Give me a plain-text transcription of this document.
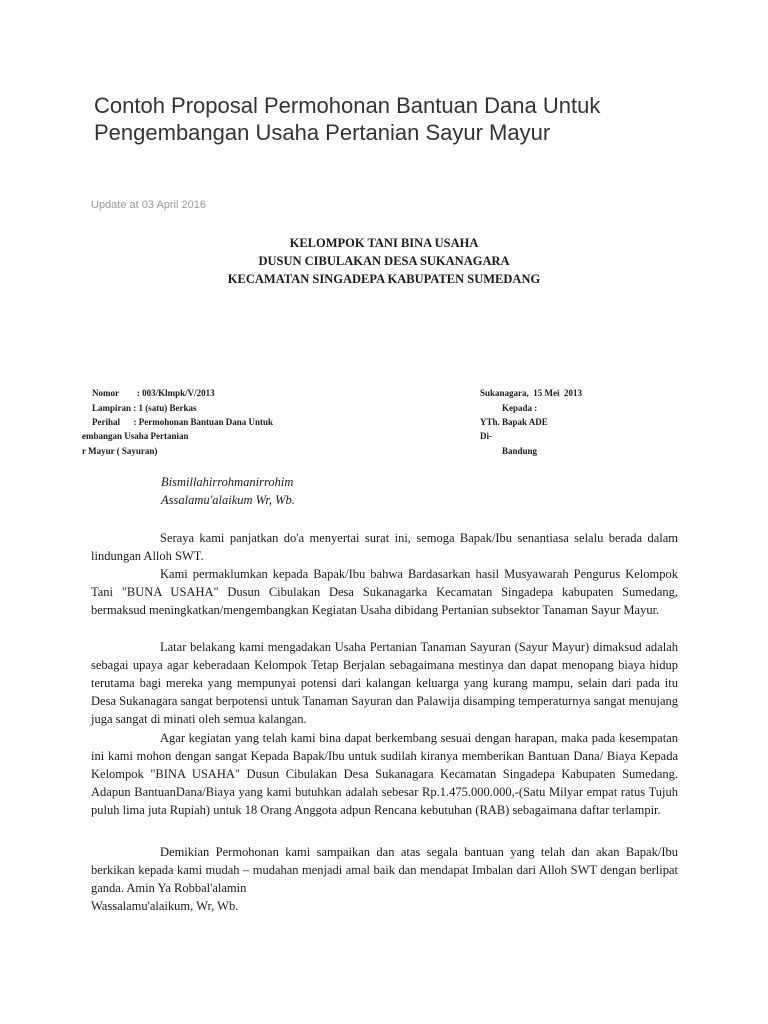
Contoh Proposal Permohonan Bantuan Dana Untuk Pengembangan Usaha Pertanian Sayur Mayur

Update at 03 April 2016

KELOMPOK TANI BINA USAHA

DUSUN CIBULAKAN DESA SUKANAGARA

KECAMATAN SINGADEPA KABUPATEN SUMEDANG

Nomor        : 003/Klmpk/V/2013

Lampiran : 1 (satu) Berkas

Perihal      : Permohonan Bantuan Dana Untuk

embangan Usaha Pertanian

r Mayur ( Sayuran)

Sukanagara,  15 Mei  2013

Kepada :

YTh. Bapak ADE

Di-

Bandung

Bismillahirrohmanirrohim

Assalamu'alaikum Wr, Wb.

Seraya kami panjatkan do'a menyertai surat ini, semoga Bapak/Ibu senantiasa selalu berada dalam lindungan Alloh SWT.

Kami permaklumkan kepada Bapak/Ibu bahwa Bardasarkan hasil Musyawarah Pengurus Kelompok Tani "BUNA USAHA" Dusun Cibulakan Desa Sukanagarka Kecamatan Singadepa kabupaten Sumedang, bermaksud meningkatkan/mengembangkan Kegiatan Usaha dibidang Pertanian subsektor Tanaman Sayur Mayur.

Latar belakang kami mengadakan Usaha Pertanian Tanaman Sayuran (Sayur Mayur) dimaksud adalah sebagai upaya agar keberadaan Kelompok Tetap Berjalan sebagaimana mestinya dan dapat menopang biaya hidup terutama bagi mereka yang mempunyai potensi dari kalangan keluarga yang kurang mampu, selain dari pada itu Desa Sukanagara sangat berpotensi untuk Tanaman Sayuran dan Palawija disamping temperaturnya sangat menujang juga sangat di minati oleh semua kalangan.

Agar kegiatan yang telah kami bina dapat berkembang sesuai dengan harapan, maka pada kesempatan ini kami mohon dengan sangat Kepada Bapak/Ibu untuk sudilah kiranya memberikan Bantuan Dana/ Biaya Kepada Kelompok "BINA USAHA" Dusun Cibulakan Desa Sukanagara Kecamatan Singadepa Kabupaten Sumedang. Adapun BantuanDana/Biaya yang kami butuhkan adalah sebesar Rp.1.475.000.000,-(Satu Milyar empat ratus Tujuh puluh lima juta Rupiah) untuk 18 Orang Anggota adpun Rencana kebutuhan (RAB) sebagaimana daftar terlampir.

Demikian Permohonan kami sampaikan dan atas segala bantuan yang telah dan akan Bapak/Ibu berkikan kepada kami mudah – mudahan menjadi amal baik dan mendapat Imbalan dari Alloh SWT dengan berlipat ganda. Amin Ya Robbal'alamin

Wassalamu'alaikum, Wr, Wb.
